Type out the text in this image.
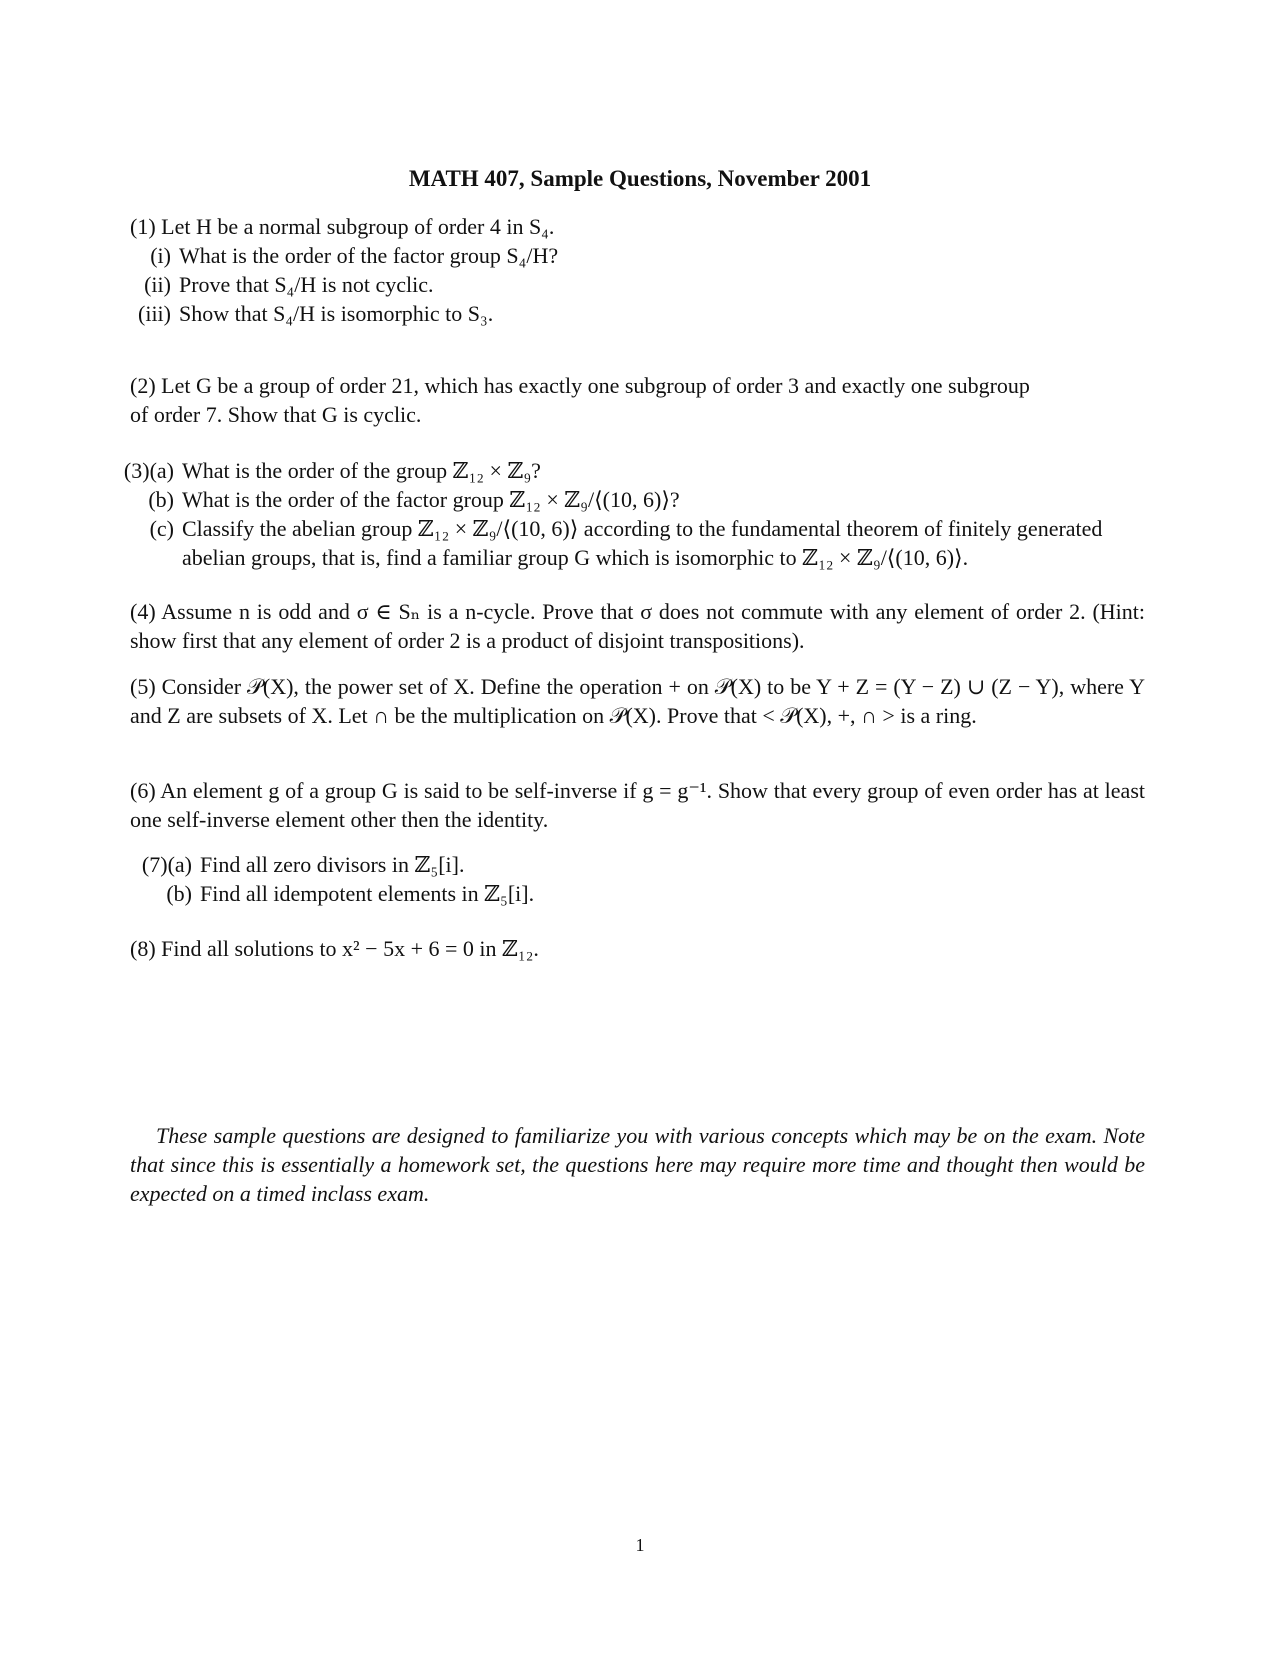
MATH 407, Sample Questions, November 2001
(1) Let H be a normal subgroup of order 4 in S₄.
(i) What is the order of the factor group S₄/H?
(ii) Prove that S₄/H is not cyclic.
(iii) Show that S₄/H is isomorphic to S₃.
(2) Let G be a group of order 21, which has exactly one subgroup of order 3 and exactly one subgroup
of order 7. Show that G is cyclic.
(3)(a) What is the order of the group ℤ₁₂ × ℤ₉?
(b) What is the order of the factor group ℤ₁₂ × ℤ₉/⟨(10, 6)⟩?
(c) Classify the abelian group ℤ₁₂ × ℤ₉/⟨(10, 6)⟩ according to the fundamental theorem of finitely generated abelian groups, that is, find a familiar group G which is isomorphic to ℤ₁₂ × ℤ₉/⟨(10, 6)⟩.
(4) Assume n is odd and σ ∈ Sₙ is a n-cycle. Prove that σ does not commute with any element of order 2. (Hint: show first that any element of order 2 is a product of disjoint transpositions).
(5) Consider 𝒫(X), the power set of X. Define the operation + on 𝒫(X) to be Y + Z = (Y − Z) ∪ (Z − Y), where Y and Z are subsets of X. Let ∩ be the multiplication on 𝒫(X). Prove that < 𝒫(X), +, ∩ > is a ring.
(6) An element g of a group G is said to be self-inverse if g = g⁻¹. Show that every group of even order has at least one self-inverse element other then the identity.
(7)(a) Find all zero divisors in ℤ₅[i].
(b) Find all idempotent elements in ℤ₅[i].
(8) Find all solutions to x² − 5x + 6 = 0 in ℤ₁₂.
These sample questions are designed to familiarize you with various concepts which may be on the exam. Note that since this is essentially a homework set, the questions here may require more time and thought then would be expected on a timed inclass exam.
1
